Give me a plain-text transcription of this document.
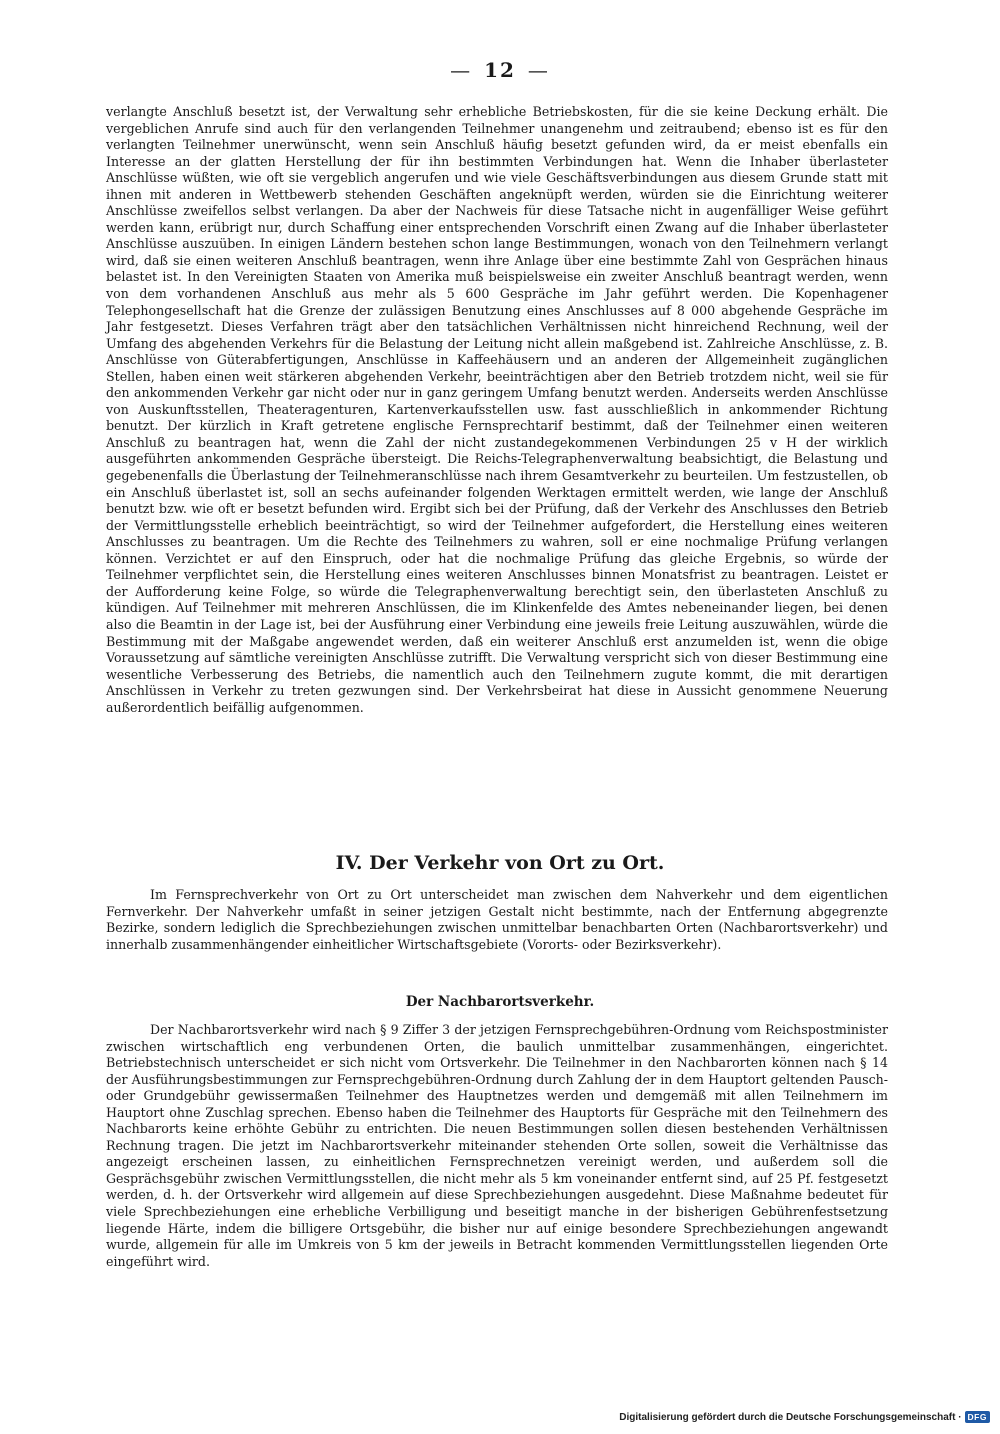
— 12 —

verlangte Anschluß besetzt ist, der Verwaltung sehr erhebliche Betriebskosten, für die sie keine Deckung erhält. Die vergeblichen Anrufe sind auch für den verlangenden Teilnehmer unangenehm und zeitraubend; ebenso ist es für den verlangten Teilnehmer unerwünscht, wenn sein Anschluß häufig besetzt gefunden wird, da er meist ebenfalls ein Interesse an der glatten Herstellung der für ihn bestimmten Verbindungen hat. Wenn die Inhaber überlasteter Anschlüsse wüßten, wie oft sie vergeblich angerufen und wie viele Geschäftsverbindungen aus diesem Grunde statt mit ihnen mit anderen in Wettbewerb stehenden Geschäften angeknüpft werden, würden sie die Einrichtung weiterer Anschlüsse zweifellos selbst verlangen. Da aber der Nachweis für diese Tatsache nicht in augenfälliger Weise geführt werden kann, erübrigt nur, durch Schaffung einer entsprechenden Vorschrift einen Zwang auf die Inhaber überlasteter Anschlüsse auszuüben. In einigen Ländern bestehen schon lange Bestimmungen, wonach von den Teilnehmern verlangt wird, daß sie einen weiteren Anschluß beantragen, wenn ihre Anlage über eine bestimmte Zahl von Gesprächen hinaus belastet ist. In den Vereinigten Staaten von Amerika muß beispielsweise ein zweiter Anschluß beantragt werden, wenn von dem vorhandenen Anschluß aus mehr als 5 600 Gespräche im Jahr geführt werden. Die Kopenhagener Telephongesellschaft hat die Grenze der zulässigen Benutzung eines Anschlusses auf 8 000 abgehende Gespräche im Jahr festgesetzt. Dieses Verfahren trägt aber den tatsächlichen Verhältnissen nicht hinreichend Rechnung, weil der Umfang des abgehenden Verkehrs für die Belastung der Leitung nicht allein maßgebend ist. Zahlreiche Anschlüsse, z. B. Anschlüsse von Güterabfertigungen, Anschlüsse in Kaffeehäusern und an anderen der Allgemeinheit zugänglichen Stellen, haben einen weit stärkeren abgehenden Verkehr, beeinträchtigen aber den Betrieb trotzdem nicht, weil sie für den ankommenden Verkehr gar nicht oder nur in ganz geringem Umfang benutzt werden. Anderseits werden Anschlüsse von Auskunftsstellen, Theateragenturen, Kartenverkaufsstellen usw. fast ausschließlich in ankommender Richtung benutzt. Der kürzlich in Kraft getretene englische Fernsprechtarif bestimmt, daß der Teilnehmer einen weiteren Anschluß zu beantragen hat, wenn die Zahl der nicht zustandegekommenen Verbindungen 25 v H der wirklich ausgeführten ankommenden Gespräche übersteigt. Die Reichs-Telegraphenverwaltung beabsichtigt, die Belastung und gegebenenfalls die Überlastung der Teilnehmeranschlüsse nach ihrem Gesamtverkehr zu beurteilen. Um festzustellen, ob ein Anschluß überlastet ist, soll an sechs aufeinander folgenden Werktagen ermittelt werden, wie lange der Anschluß benutzt bzw. wie oft er besetzt befunden wird. Ergibt sich bei der Prüfung, daß der Verkehr des Anschlusses den Betrieb der Vermittlungsstelle erheblich beeinträchtigt, so wird der Teilnehmer aufgefordert, die Herstellung eines weiteren Anschlusses zu beantragen. Um die Rechte des Teilnehmers zu wahren, soll er eine nochmalige Prüfung verlangen können. Verzichtet er auf den Einspruch, oder hat die nochmalige Prüfung das gleiche Ergebnis, so würde der Teilnehmer verpflichtet sein, die Herstellung eines weiteren Anschlusses binnen Monatsfrist zu beantragen. Leistet er der Aufforderung keine Folge, so würde die Telegraphenverwaltung berechtigt sein, den überlasteten Anschluß zu kündigen. Auf Teilnehmer mit mehreren Anschlüssen, die im Klinkenfelde des Amtes nebeneinander liegen, bei denen also die Beamtin in der Lage ist, bei der Ausführung einer Verbindung eine jeweils freie Leitung auszuwählen, würde die Bestimmung mit der Maßgabe angewendet werden, daß ein weiterer Anschluß erst anzumelden ist, wenn die obige Voraussetzung auf sämtliche vereinigten Anschlüsse zutrifft. Die Verwaltung verspricht sich von dieser Bestimmung eine wesentliche Verbesserung des Betriebs, die namentlich auch den Teilnehmern zugute kommt, die mit derartigen Anschlüssen in Verkehr zu treten gezwungen sind. Der Verkehrsbeirat hat diese in Aussicht genommene Neuerung außerordentlich beifällig aufgenommen.

IV. Der Verkehr von Ort zu Ort.

Im Fernsprechverkehr von Ort zu Ort unterscheidet man zwischen dem Nahverkehr und dem eigentlichen Fernverkehr. Der Nahverkehr umfaßt in seiner jetzigen Gestalt nicht bestimmte, nach der Entfernung abgegrenzte Bezirke, sondern lediglich die Sprechbeziehungen zwischen unmittelbar benachbarten Orten (Nachbarortsverkehr) und innerhalb zusammenhängender einheitlicher Wirtschaftsgebiete (Vororts- oder Bezirksverkehr).

Der Nachbarortsverkehr.

Der Nachbarortsverkehr wird nach § 9 Ziffer 3 der jetzigen Fernsprechgebühren-Ordnung vom Reichspostminister zwischen wirtschaftlich eng verbundenen Orten, die baulich unmittelbar zusammenhängen, eingerichtet. Betriebstechnisch unterscheidet er sich nicht vom Ortsverkehr. Die Teilnehmer in den Nachbarorten können nach § 14 der Ausführungsbestimmungen zur Fernsprechgebühren-Ordnung durch Zahlung der in dem Hauptort geltenden Pausch- oder Grundgebühr gewissermaßen Teilnehmer des Hauptnetzes werden und demgemäß mit allen Teilnehmern im Hauptort ohne Zuschlag sprechen. Ebenso haben die Teilnehmer des Hauptorts für Gespräche mit den Teilnehmern des Nachbarorts keine erhöhte Gebühr zu entrichten. Die neuen Bestimmungen sollen diesen bestehenden Verhältnissen Rechnung tragen. Die jetzt im Nachbarortsverkehr miteinander stehenden Orte sollen, soweit die Verhältnisse das angezeigt erscheinen lassen, zu einheitlichen Fernsprechnetzen vereinigt werden, und außerdem soll die Gesprächsgebühr zwischen Vermittlungsstellen, die nicht mehr als 5 km voneinander entfernt sind, auf 25 Pf. festgesetzt werden, d. h. der Ortsverkehr wird allgemein auf diese Sprechbeziehungen ausgedehnt. Diese Maßnahme bedeutet für viele Sprechbeziehungen eine erhebliche Verbilligung und beseitigt manche in der bisherigen Gebührenfestsetzung liegende Härte, indem die billigere Ortsgebühr, die bisher nur auf einige besondere Sprechbeziehungen angewandt wurde, allgemein für alle im Umkreis von 5 km der jeweils in Betracht kommenden Vermittlungsstellen liegenden Orte eingeführt wird.

Digitalisierung gefördert durch die Deutsche Forschungsgemeinschaft · DFG
